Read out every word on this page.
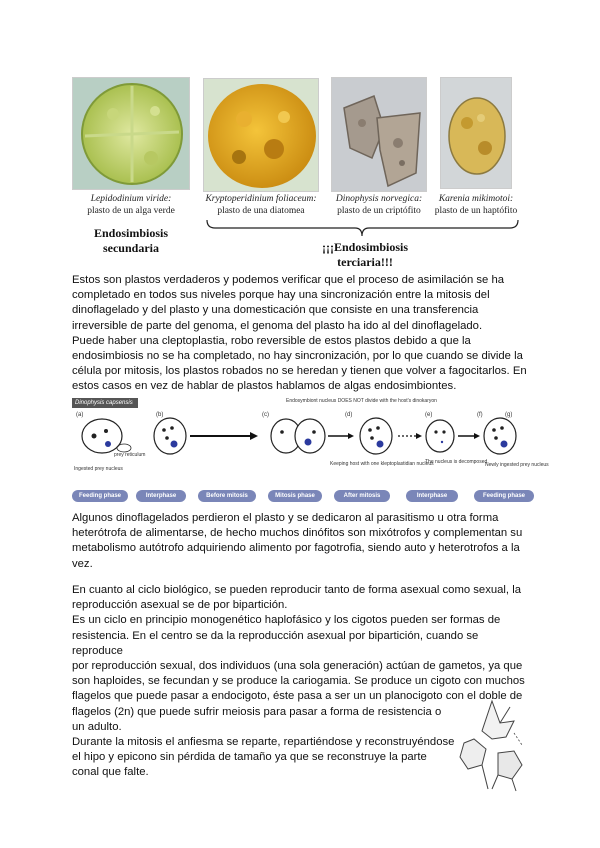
Lepidodinium viride:
plasto de un alga verde
Kryptoperidinium foliaceum:
plasto de una diatomea
Dinophysis norvegica:
plasto de un criptófito
Karenia mikimotoi:
plasto de un haptófito
Endosimbiosis
secundaria	¡¡¡Endosimbiosis
terciaria!!!

Estos son plastos verdaderos y podemos verificar que el proceso de asimilación se ha

completado en todos sus niveles porque hay una sincronización entre la mitosis del

dinoflagelado y del plasto y una domesticación que consiste en una transferencia

irreversible de parte del genoma, el genoma del plasto ha ido al del dinoflagelado.

Puede haber una cleptoplastia, robo reversible de estos plastos debido a que la

endosimbiosis no se ha completado, no hay sincronización, por lo que cuando se divide la

célula por mitosis, los plastos robados no se heredan y tienen que volver a fagocitarlos. En

estos casos en vez de hablar de plastos hablamos de algas endosimbiontes.

Dinophysis capsensis
(a)	(b)	(c)	(d)	(e)	(f)	(g)
Endosymbiont nucleus DOES NOT divide with the host's dinokaryon
prey reticulum
Ingested prey nucleus
Keeping host with one kleptoplastidian nucleus
The nucleus is decomposed
Newly ingested prey nucleus
Feeding phase	Interphase	Before mitosis	Mitosis phase	After mitosis	Interphase	Feeding phase

Algunos dinoflagelados perdieron el plasto y se dedicaron al parasitismo u otra forma

heterótrofa de alimentarse, de hecho muchos dinófitos son mixótrofos y complementan su

metabolismo autótrofo adquiriendo alimento por fagotrofia, siendo auto y heterotrofos a la

vez.

En cuanto al ciclo biológico, se pueden reproducir tanto de forma asexual como sexual, la

reproducción asexual se de por bipartición.

Es un ciclo en principio monogenético haplofásico y los cigotos pueden ser formas de

resistencia. En el centro se da la reproducción asexual por bipartición, cuando se reproduce

por reproducción sexual, dos individuos (una sola generación) actúan de gametos, ya que

son haploides, se fecundan y se produce la cariogamia. Se produce un cigoto con muchos

flagelos que puede pasar a endocigoto, éste pasa a ser un un planocigoto con el doble de

flagelos (2n) que puede sufrir meiosis para pasar a forma de resistencia o

un adulto.

Durante la mitosis el anfiesma se reparte, repartiéndose y reconstruyéndose

el hipo y epicono sin pérdida de tamaño ya que se reconstruye la parte

conal que falte.
